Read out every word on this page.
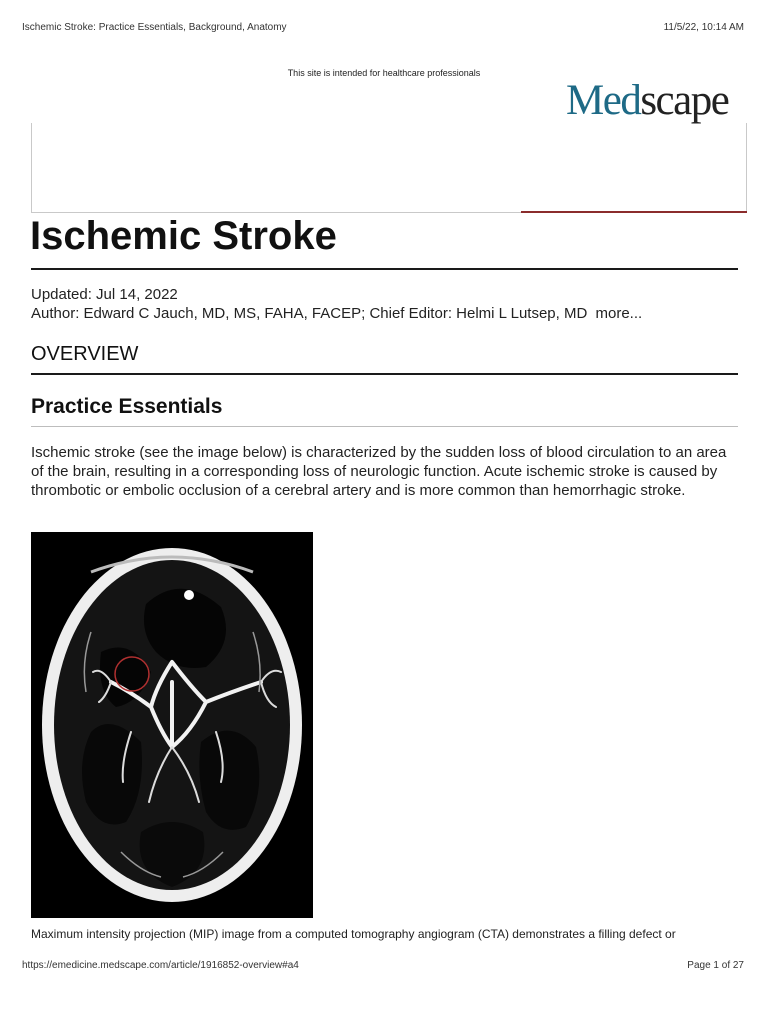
Ischemic Stroke: Practice Essentials, Background, Anatomy	11/5/22, 10:14 AM
This site is intended for healthcare professionals
Medscape
Ischemic Stroke
Updated: Jul 14, 2022
Author: Edward C Jauch, MD, MS, FAHA, FACEP; Chief Editor: Helmi L Lutsep, MD more...
OVERVIEW
Practice Essentials
Ischemic stroke (see the image below) is characterized by the sudden loss of blood circulation to an area of the brain, resulting in a corresponding loss of neurologic function. Acute ischemic stroke is caused by thrombotic or embolic occlusion of a cerebral artery and is more common than hemorrhagic stroke.
Maximum intensity projection (MIP) image from a computed tomography angiogram (CTA) demonstrates a filling defect or
https://emedicine.medscape.com/article/1916852-overview#a4	Page 1 of 27
